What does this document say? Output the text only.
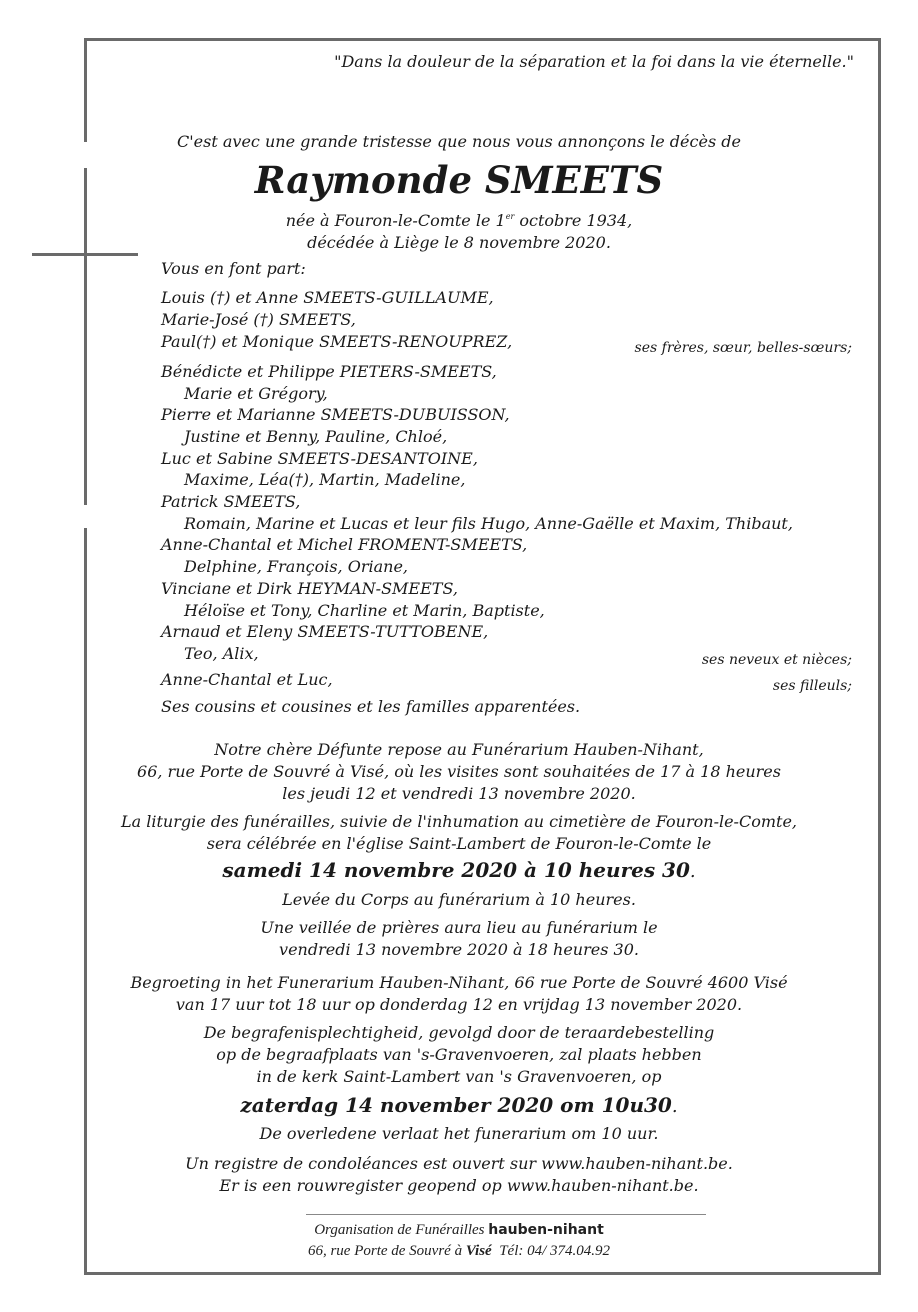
"Dans la douleur de la séparation et la foi dans la vie éternelle."
C'est avec une grande tristesse que nous vous annonçons le décès de
Raymonde SMEETS
née à Fouron-le-Comte le 1er octobre 1934,
décédée à Liège le 8 novembre 2020.
Vous en font part:
Louis (†) et Anne SMEETS-GUILLAUME,
Marie-José (†) SMEETS,
Paul(†) et Monique SMEETS-RENOUPREZ,	ses frères, sœur, belles-sœurs;
Bénédicte et Philippe PIETERS-SMEETS,
Marie et Grégory,
Pierre et Marianne SMEETS-DUBUISSON,
Justine et Benny, Pauline, Chloé,
Luc et Sabine SMEETS-DESANTOINE,
Maxime, Léa(†), Martin, Madeline,
Patrick SMEETS,
Romain, Marine et Lucas et leur fils Hugo, Anne-Gaëlle et Maxim, Thibaut,
Anne-Chantal et Michel FROMENT-SMEETS,
Delphine, François, Oriane,
Vinciane et Dirk HEYMAN-SMEETS,
Héloïse et Tony, Charline et Marin, Baptiste,
Arnaud et Eleny SMEETS-TUTTOBENE,
Teo, Alix,	ses neveux et nièces;
Anne-Chantal et Luc,	ses filleuls;
Ses cousins et cousines et les familles apparentées.
Notre chère Défunte repose au Funérarium Hauben-Nihant,
66, rue Porte de Souvré à Visé, où les visites sont souhaitées de 17 à 18 heures
les jeudi 12 et vendredi 13 novembre 2020.
La liturgie des funérailles, suivie de l'inhumation au cimetière de Fouron-le-Comte,
sera célébrée en l'église Saint-Lambert de Fouron-le-Comte le
samedi 14 novembre 2020 à 10 heures 30.
Levée du Corps au funérarium à 10 heures.
Une veillée de prières aura lieu au funérarium le
vendredi 13 novembre 2020 à 18 heures 30.
Begroeting in het Funerarium Hauben-Nihant, 66 rue Porte de Souvré 4600 Visé
van 17 uur tot 18 uur op donderdag 12 en vrijdag 13 november 2020.
De begrafenisplechtigheid, gevolgd door de teraardebestelling
op de begraafplaats van 's-Gravenvoeren, zal plaats hebben
in de kerk Saint-Lambert van 's Gravenvoeren, op
zaterdag 14 november 2020 om 10u30.
De overledene verlaat het funerarium om 10 uur.
Un registre de condoléances est ouvert sur www.hauben-nihant.be.
Er is een rouwregister geopend op www.hauben-nihant.be.
Organisation de Funérailles hauben-nihant
66, rue Porte de Souvré à Visé Tél: 04/ 374.04.92
